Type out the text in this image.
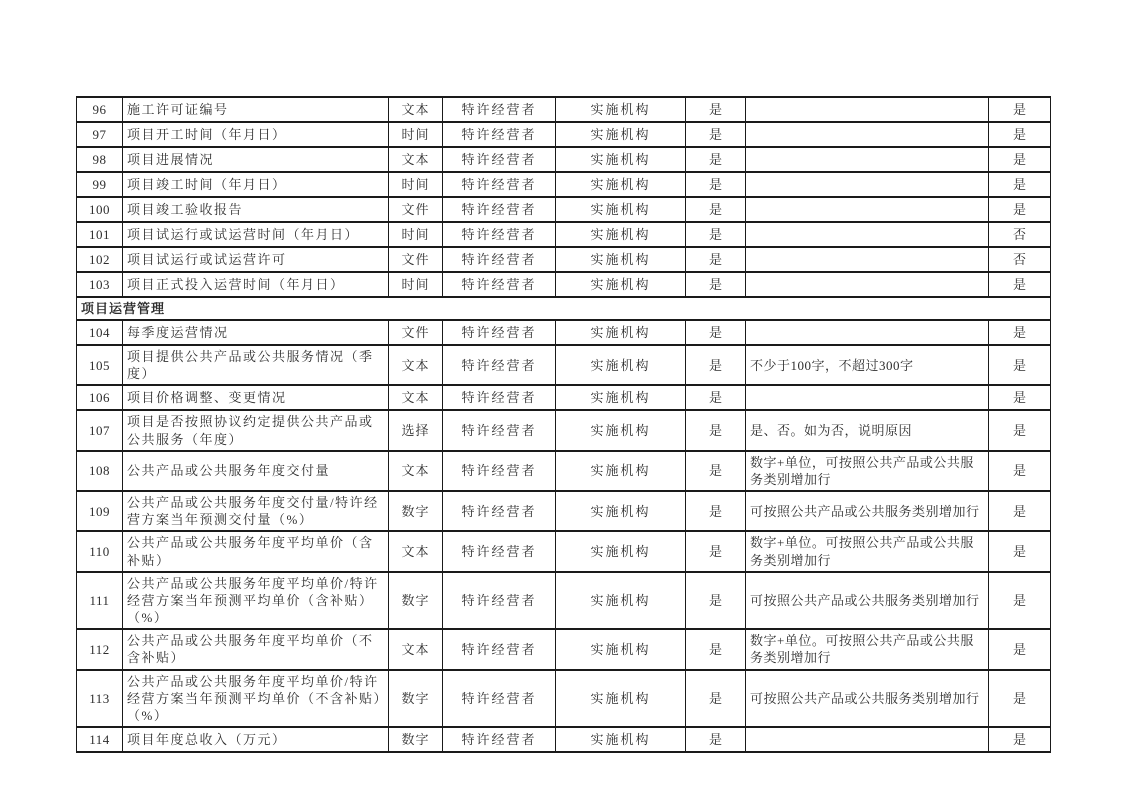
96	施工许可证编号	文本	特许经营者	实施机构	是		是
97	项目开工时间（年月日）	时间	特许经营者	实施机构	是		是
98	项目进展情况	文本	特许经营者	实施机构	是		是
99	项目竣工时间（年月日）	时间	特许经营者	实施机构	是		是
100	项目竣工验收报告	文件	特许经营者	实施机构	是		是
101	项目试运行或试运营时间（年月日）	时间	特许经营者	实施机构	是		否
102	项目试运行或试运营许可	文件	特许经营者	实施机构	是		否
103	项目正式投入运营时间（年月日）	时间	特许经营者	实施机构	是		是
项目运营管理							
104	每季度运营情况	文件	特许经营者	实施机构	是		是
105	项目提供公共产品或公共服务情况（季度）	文本	特许经营者	实施机构	是	不少于100字，不超过300字	是
106	项目价格调整、变更情况	文本	特许经营者	实施机构	是		是
107	项目是否按照协议约定提供公共产品或公共服务（年度）	选择	特许经营者	实施机构	是	是、否。如为否，说明原因	是
108	公共产品或公共服务年度交付量	文本	特许经营者	实施机构	是	数字+单位，可按照公共产品或公共服务类别增加行	是
109	公共产品或公共服务年度交付量/特许经营方案当年预测交付量（%）	数字	特许经营者	实施机构	是	可按照公共产品或公共服务类别增加行	是
110	公共产品或公共服务年度平均单价（含补贴）	文本	特许经营者	实施机构	是	数字+单位。可按照公共产品或公共服务类别增加行	是
111	公共产品或公共服务年度平均单价/特许经营方案当年预测平均单价（含补贴）（%）	数字	特许经营者	实施机构	是	可按照公共产品或公共服务类别增加行	是
112	公共产品或公共服务年度平均单价（不含补贴）	文本	特许经营者	实施机构	是	数字+单位。可按照公共产品或公共服务类别增加行	是
113	公共产品或公共服务年度平均单价/特许经营方案当年预测平均单价（不含补贴）（%）	数字	特许经营者	实施机构	是	可按照公共产品或公共服务类别增加行	是
114	项目年度总收入（万元）	数字	特许经营者	实施机构	是		是
